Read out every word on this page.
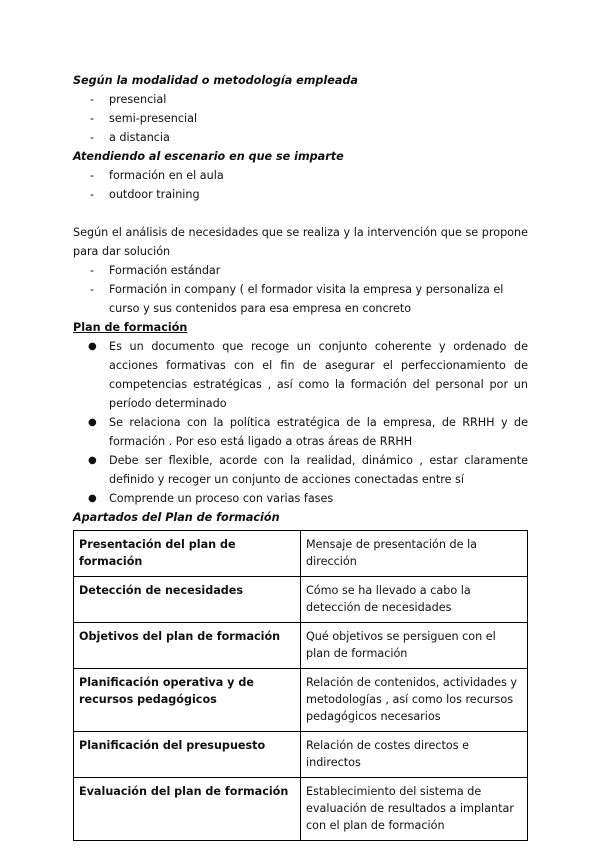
Según la modalidad o metodología empleada
- presencial
- semi-presencial
- a distancia
Atendiendo al escenario en que se imparte
- formación en el aula
- outdoor training
Según el análisis de necesidades que se realiza y la intervención que se propone para dar solución
- Formación estándar
- Formación in company ( el formador visita la empresa y personaliza el curso y sus contenidos para esa empresa en concreto
Plan de formación
● Es un documento que recoge un conjunto coherente y ordenado de acciones formativas con el fin de asegurar el perfeccionamiento de competencias estratégicas , así como la formación del personal por un período determinado
● Se relaciona con la política estratégica de la empresa, de RRHH y de formación . Por eso está ligado a otras áreas de RRHH
● Debe ser flexible, acorde con la realidad, dinámico , estar claramente definido y recoger un conjunto de acciones conectadas entre sí
● Comprende un proceso con varias fases
Apartados del Plan de formación
Presentación del plan de formación	Mensaje de presentación de la dirección
Detección de necesidades	Cómo se ha llevado a cabo la detección de necesidades
Objetivos del plan de formación	Qué objetivos se persiguen con el plan de formación
Planificación operativa y de recursos pedagógicos	Relación de contenidos, actividades y metodologías , así como los recursos pedagógicos necesarios
Planificación del presupuesto	Relación de costes directos e indirectos
Evaluación del plan de formación	Establecimiento del sistema de evaluación de resultados a implantar con el plan de formación
